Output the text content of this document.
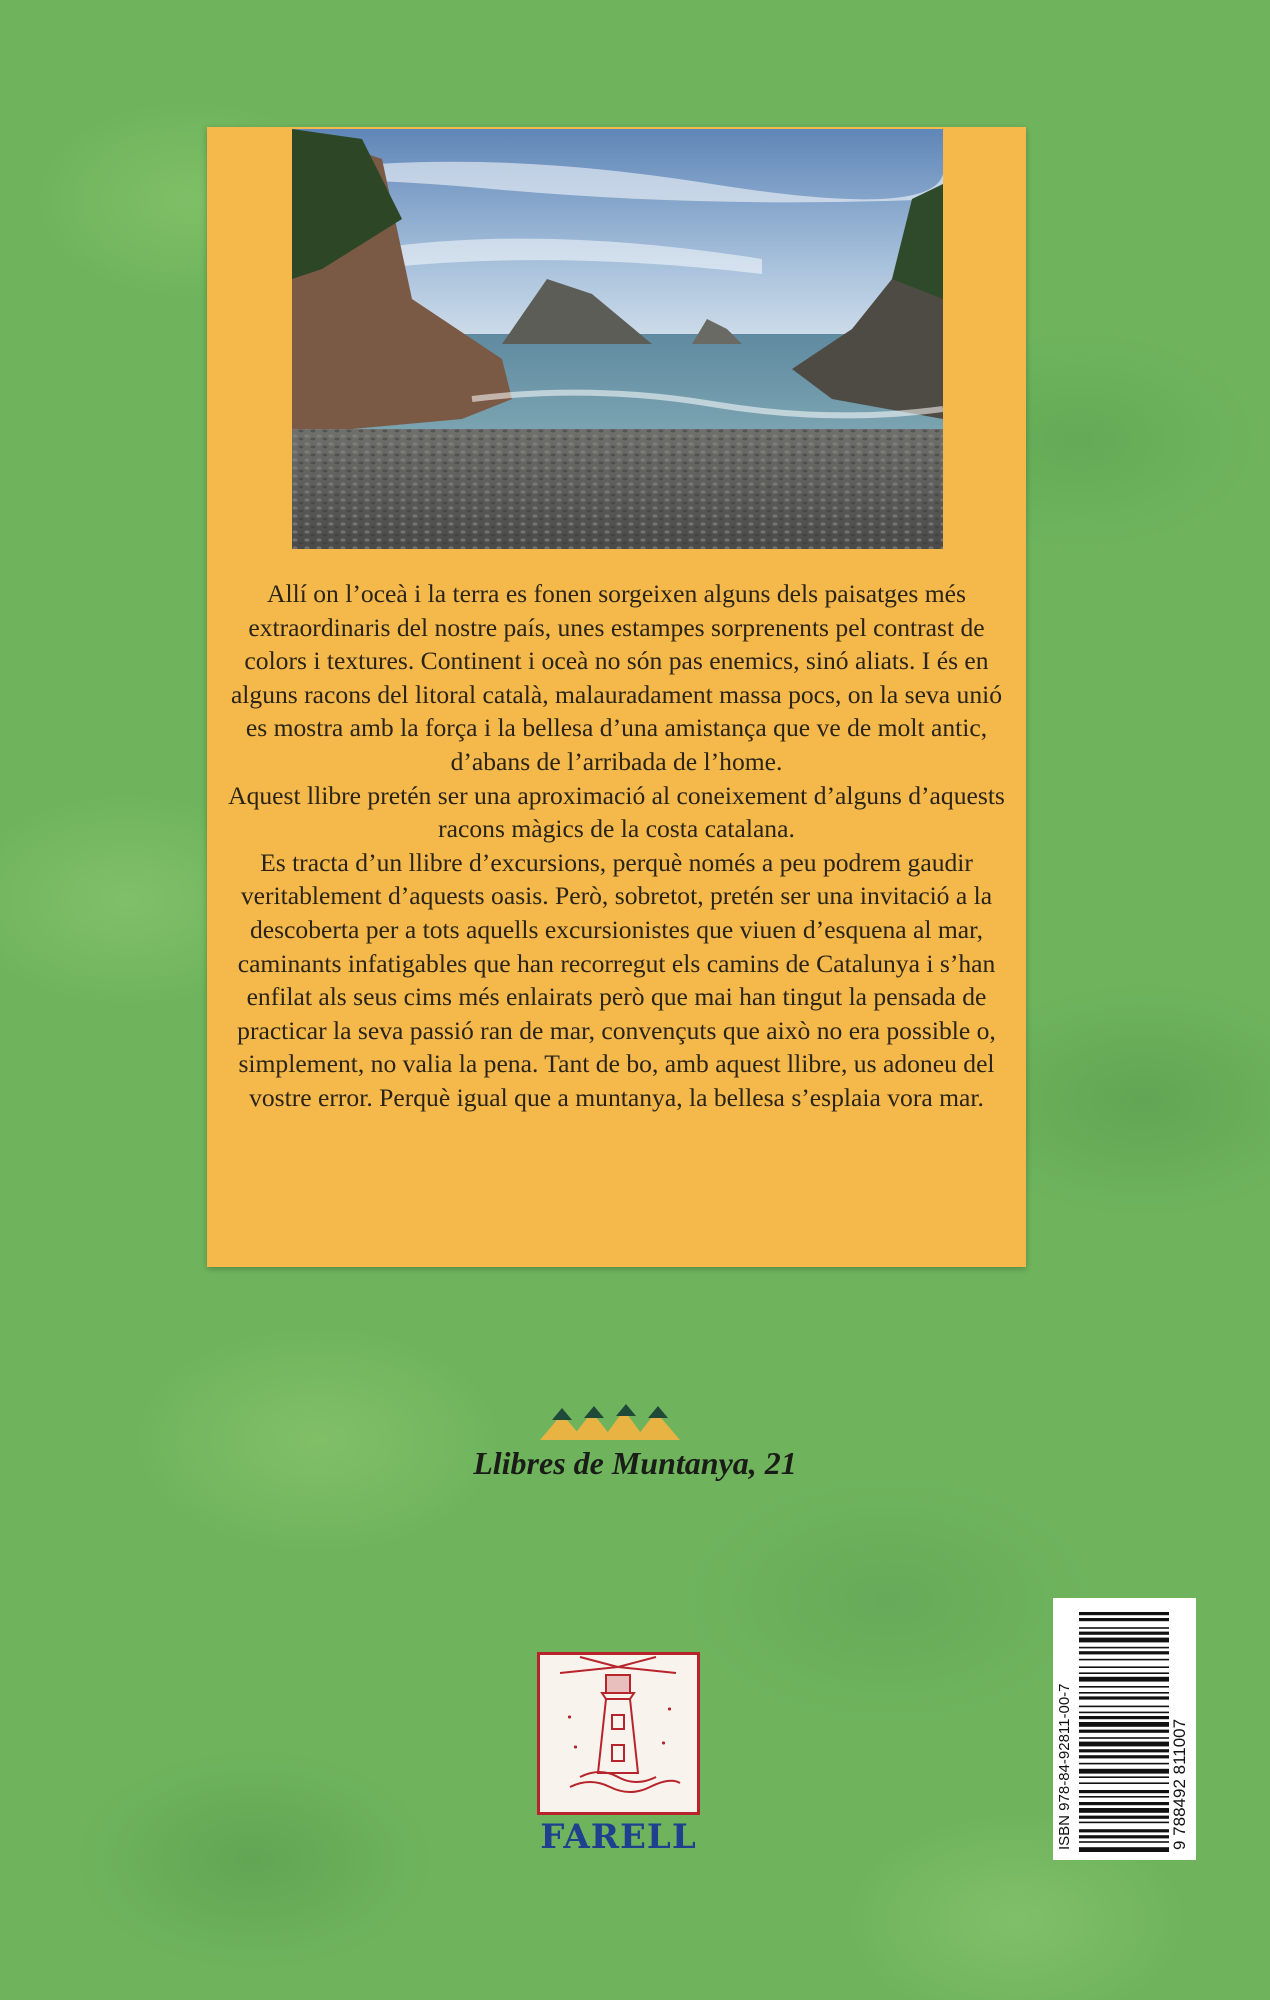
Allí on l’oceà i la terra es fonen sorgeixen alguns dels paisatges més extraordinaris del nostre país, unes estampes sorprenents pel contrast de colors i textures. Continent i oceà no són pas enemics, sinó aliats. I és en alguns racons del litoral català, malauradament massa pocs, on la seva unió es mostra amb la força i la bellesa d’una amistança que ve de molt antic, d’abans de l’arribada de l’home.

Aquest llibre pretén ser una aproximació al coneixement d’alguns d’aquests racons màgics de la costa catalana.

Es tracta d’un llibre d’excursions, perquè només a peu podrem gaudir veritablement d’aquests oasis. Però, sobretot, pretén ser una invitació a la descoberta per a tots aquells excursionistes que viuen d’esquena al mar, caminants infatigables que han recorregut els camins de Catalunya i s’han enfilat als seus cims més enlairats però que mai han tingut la pensada de practicar la seva passió ran de mar, convençuts que això no era possible o, simplement, no valia la pena. Tant de bo, amb aquest llibre, us adoneu del vostre error. Perquè igual que a muntanya, la bellesa s’esplaia vora mar.

Llibres de Muntanya, 21
FARELL	ISBN 978-84-92811-00-7	9 788492 811007
